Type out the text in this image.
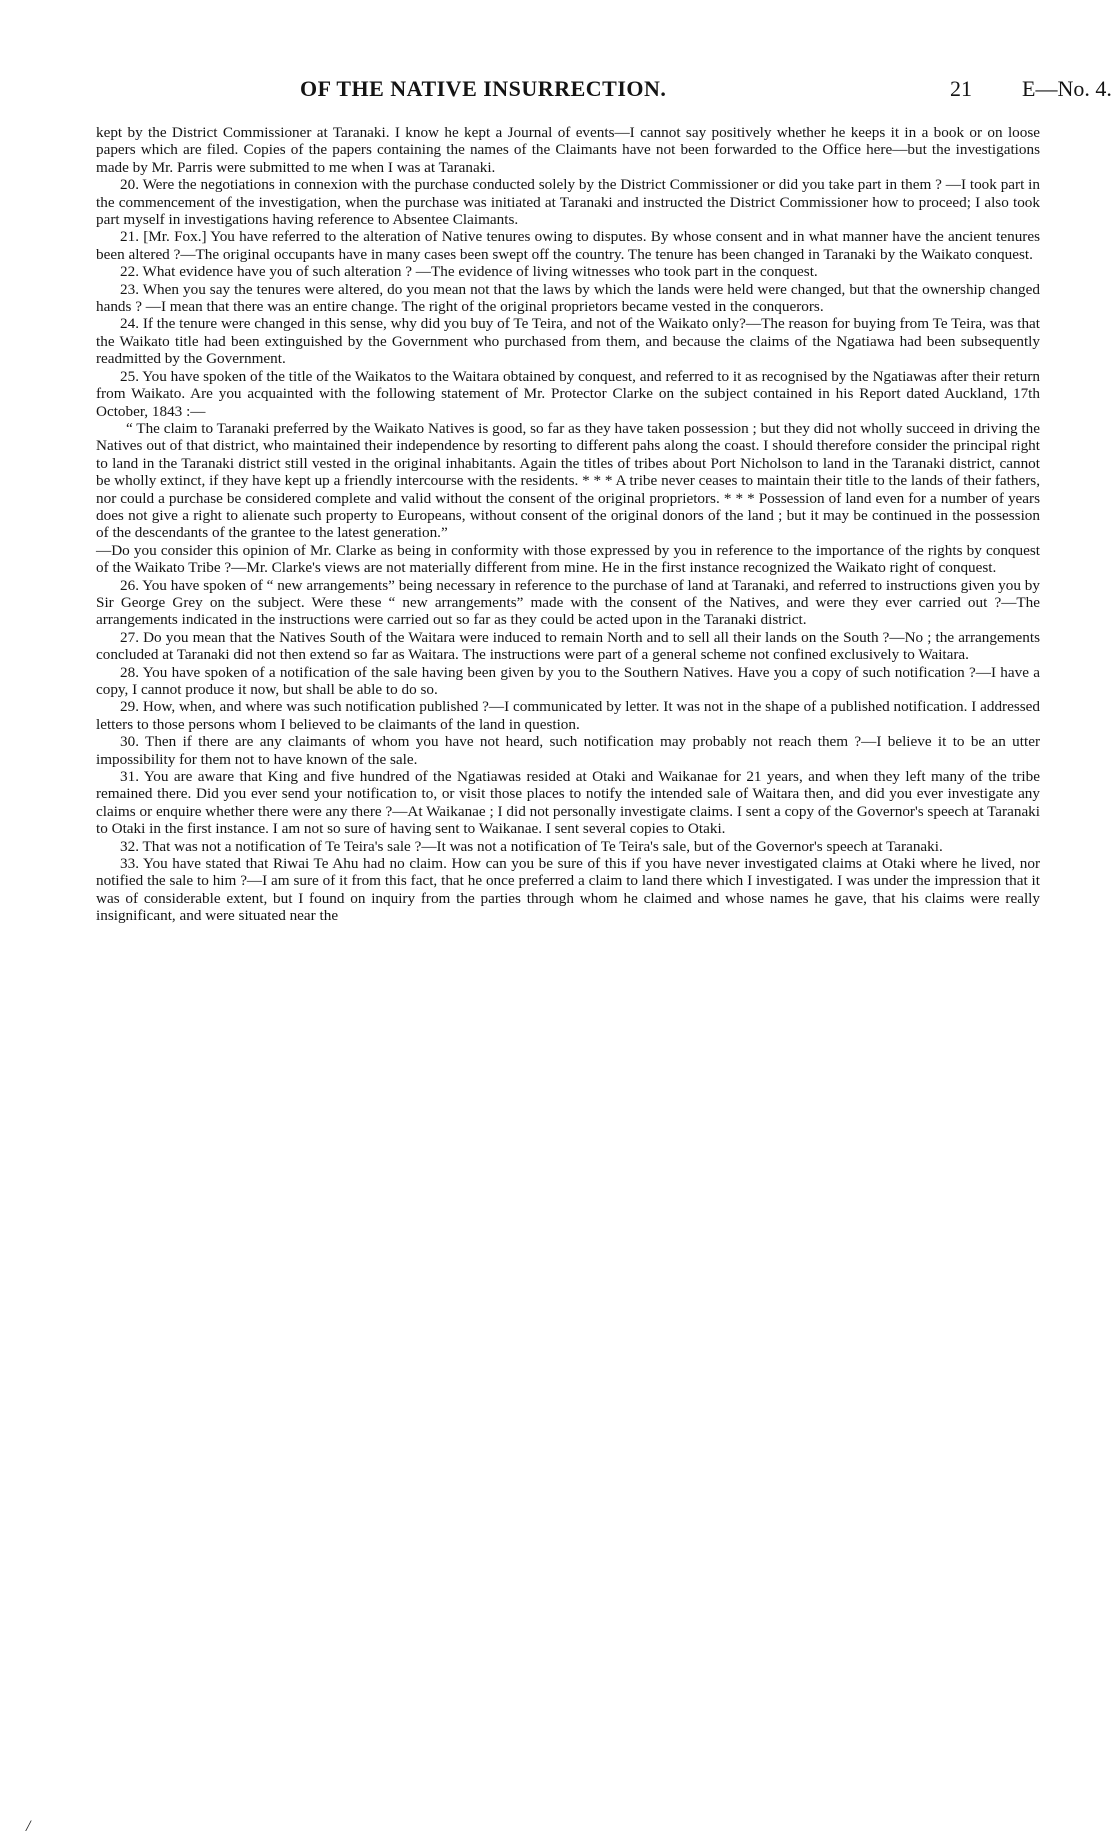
OF THE NATIVE INSURRECTION.	21 E—No. 4.

kept by the District Commissioner at Taranaki. I know he kept a Journal of events—I cannot say positively whether he keeps it in a book or on loose papers which are filed. Copies of the papers containing the names of the Claimants have not been forwarded to the Office here—but the investigations made by Mr. Parris were submitted to me when I was at Taranaki.

20. Were the negotiations in connexion with the purchase conducted solely by the District Commissioner or did you take part in them ? —I took part in the commencement of the investigation, when the purchase was initiated at Taranaki and instructed the District Commissioner how to proceed; I also took part myself in investigations having reference to Absentee Claimants.

21. [Mr. Fox.] You have referred to the alteration of Native tenures owing to disputes. By whose consent and in what manner have the ancient tenures been altered ?—The original occupants have in many cases been swept off the country. The tenure has been changed in Taranaki by the Waikato conquest.

22. What evidence have you of such alteration ? —The evidence of living witnesses who took part in the conquest.

23. When you say the tenures were altered, do you mean not that the laws by which the lands were held were changed, but that the ownership changed hands ? —I mean that there was an entire change. The right of the original proprietors became vested in the conquerors.

24. If the tenure were changed in this sense, why did you buy of Te Teira, and not of the Waikato only?—The reason for buying from Te Teira, was that the Waikato title had been extinguished by the Government who purchased from them, and because the claims of the Ngatiawa had been subsequently readmitted by the Government.

25. You have spoken of the title of the Waikatos to the Waitara obtained by conquest, and referred to it as recognised by the Ngatiawas after their return from Waikato. Are you acquainted with the following statement of Mr. Protector Clarke on the subject contained in his Report dated Auckland, 17th October, 1843 :—

“ The claim to Taranaki preferred by the Waikato Natives is good, so far as they have taken possession ; but they did not wholly succeed in driving the Natives out of that district, who maintained their independence by resorting to different pahs along the coast. I should therefore consider the principal right to land in the Taranaki district still vested in the original inhabitants. Again the titles of tribes about Port Nicholson to land in the Taranaki district, cannot be wholly extinct, if they have kept up a friendly intercourse with the residents. * * * A tribe never ceases to maintain their title to the lands of their fathers, nor could a purchase be considered complete and valid without the consent of the original proprietors. * * * Possession of land even for a number of years does not give a right to alienate such property to Europeans, without consent of the original donors of the land ; but it may be continued in the possession of the descendants of the grantee to the latest generation.”

—Do you consider this opinion of Mr. Clarke as being in conformity with those expressed by you in reference to the importance of the rights by conquest of the Waikato Tribe ?—Mr. Clarke's views are not materially different from mine. He in the first instance recognized the Waikato right of conquest.

26. You have spoken of “ new arrangements” being necessary in reference to the purchase of land at Taranaki, and referred to instructions given you by Sir George Grey on the subject. Were these “ new arrangements” made with the consent of the Natives, and were they ever carried out ?—The arrangements indicated in the instructions were carried out so far as they could be acted upon in the Taranaki district.

27. Do you mean that the Natives South of the Waitara were induced to remain North and to sell all their lands on the South ?—No ; the arrangements concluded at Taranaki did not then extend so far as Waitara. The instructions were part of a general scheme not confined exclusively to Waitara.

28. You have spoken of a notification of the sale having been given by you to the Southern Natives. Have you a copy of such notification ?—I have a copy, I cannot produce it now, but shall be able to do so.

29. How, when, and where was such notification published ?—I communicated by letter. It was not in the shape of a published notification. I addressed letters to those persons whom I believed to be claimants of the land in question.

30. Then if there are any claimants of whom you have not heard, such notification may probably not reach them ?—I believe it to be an utter impossibility for them not to have known of the sale.

31. You are aware that King and five hundred of the Ngatiawas resided at Otaki and Waikanae for 21 years, and when they left many of the tribe remained there. Did you ever send your notification to, or visit those places to notify the intended sale of Waitara then, and did you ever investigate any claims or enquire whether there were any there ?—At Waikanae ; I did not personally investigate claims. I sent a copy of the Governor's speech at Taranaki to Otaki in the first instance. I am not so sure of having sent to Waikanae. I sent several copies to Otaki.

32. That was not a notification of Te Teira's sale ?—It was not a notification of Te Teira's sale, but of the Governor's speech at Taranaki.

33. You have stated that Riwai Te Ahu had no claim. How can you be sure of this if you have never investigated claims at Otaki where he lived, nor notified the sale to him ?—I am sure of it from this fact, that he once preferred a claim to land there which I investigated. I was under the impression that it was of considerable extent, but I found on inquiry from the parties through whom he claimed and whose names he gave, that his claims were really insignificant, and were situated near the

/
